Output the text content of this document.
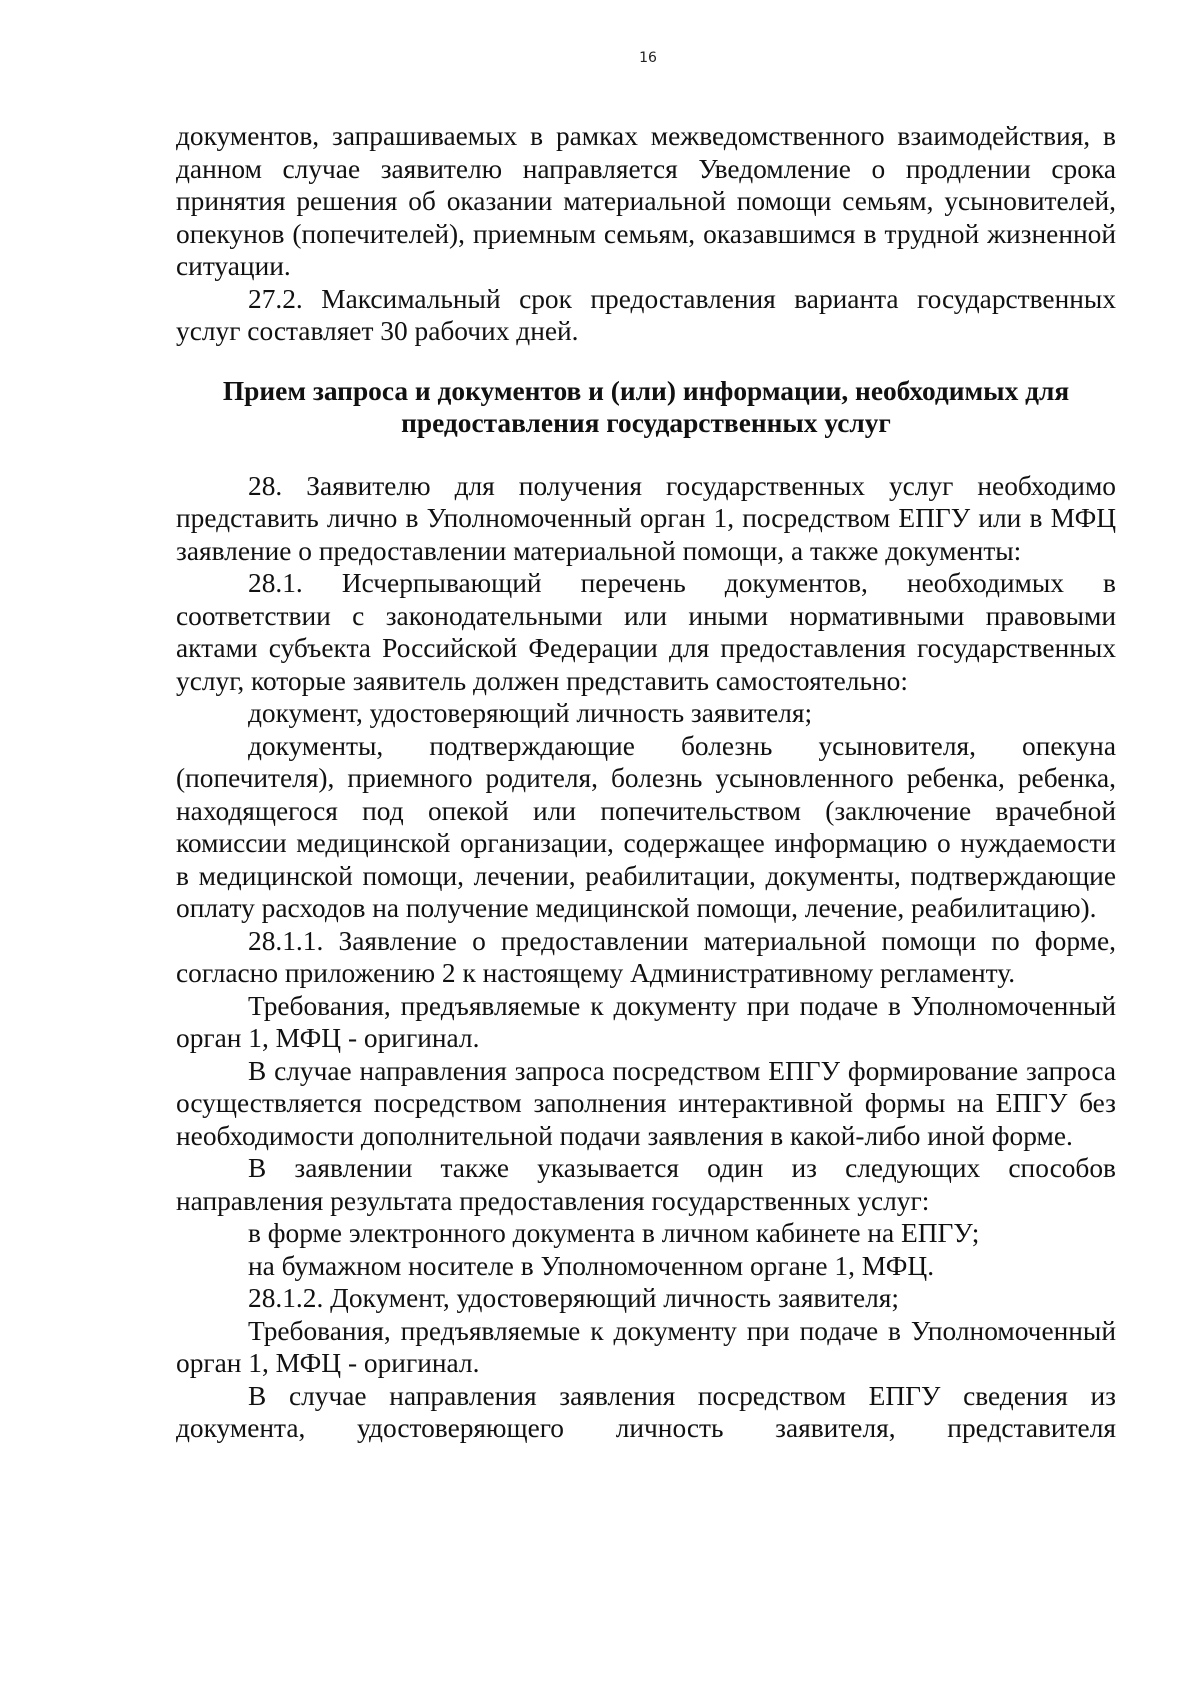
16

документов, запрашиваемых в рамках межведомственного взаимодействия, в данном случае заявителю направляется Уведомление о продлении срока принятия решения об оказании материальной помощи семьям, усыновителей, опекунов (попечителей), приемным семьям, оказавшимся в трудной жизненной ситуации.

27.2. Максимальный срок предоставления варианта государственных услуг составляет 30 рабочих дней.

Прием запроса и документов и (или) информации, необходимых для предоставления государственных услуг

28. Заявителю для получения государственных услуг необходимо представить лично в Уполномоченный орган 1, посредством ЕПГУ или в МФЦ заявление о предоставлении материальной помощи, а также документы:

28.1. Исчерпывающий перечень документов, необходимых в соответствии с законодательными или иными нормативными правовыми актами субъекта Российской Федерации для предоставления государственных услуг, которые заявитель должен представить самостоятельно:

документ, удостоверяющий личность заявителя;

документы, подтверждающие болезнь усыновителя, опекуна (попечителя), приемного родителя, болезнь усыновленного ребенка, ребенка, находящегося под опекой или попечительством (заключение врачебной комиссии медицинской организации, содержащее информацию о нуждаемости в медицинской помощи, лечении, реабилитации, документы, подтверждающие оплату расходов на получение медицинской помощи, лечение, реабилитацию).

28.1.1. Заявление о предоставлении материальной помощи по форме, согласно приложению 2 к настоящему Административному регламенту.

Требования, предъявляемые к документу при подаче в Уполномоченный орган 1, МФЦ - оригинал.

В случае направления запроса посредством ЕПГУ формирование запроса осуществляется посредством заполнения интерактивной формы на ЕПГУ без необходимости дополнительной подачи заявления в какой-либо иной форме.

В заявлении также указывается один из следующих способов направления результата предоставления государственных услуг:

в форме электронного документа в личном кабинете на ЕПГУ;

на бумажном носителе в Уполномоченном органе 1, МФЦ.

28.1.2. Документ, удостоверяющий личность заявителя;

Требования, предъявляемые к документу при подаче в Уполномоченный орган 1, МФЦ - оригинал.

В случае направления заявления посредством ЕПГУ сведения из документа, удостоверяющего личность заявителя, представителя
